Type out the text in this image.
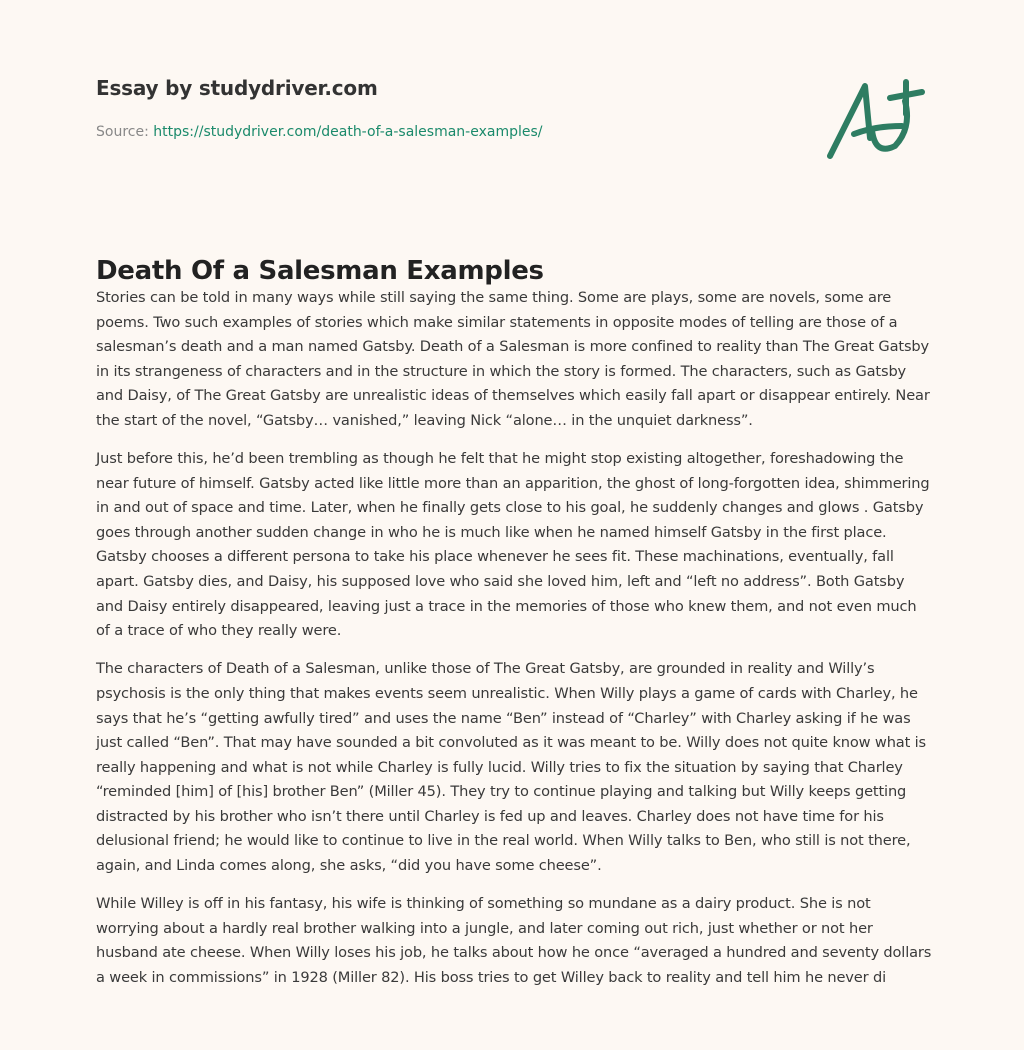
Essay by studydriver.com
Source: https://studydriver.com/death-of-a-salesman-examples/
Death Of a Salesman Examples

Stories can be told in many ways while still saying the same thing. Some are plays, some are novels, some are poems. Two such examples of stories which make similar statements in opposite modes of telling are those of a salesman’s death and a man named Gatsby. Death of a Salesman is more confined to reality than The Great Gatsby in its strangeness of characters and in the structure in which the story is formed. The characters, such as Gatsby and Daisy, of The Great Gatsby are unrealistic ideas of themselves which easily fall apart or disappear entirely. Near the start of the novel, “Gatsby… vanished,” leaving Nick “alone… in the unquiet darkness”.

Just before this, he’d been trembling as though he felt that he might stop existing altogether, foreshadowing the near future of himself. Gatsby acted like little more than an apparition, the ghost of long-forgotten idea, shimmering in and out of space and time. Later, when he finally gets close to his goal, he suddenly changes and glows . Gatsby goes through another sudden change in who he is much like when he named himself Gatsby in the first place. Gatsby chooses a different persona to take his place whenever he sees fit. These machinations, eventually, fall apart. Gatsby dies, and Daisy, his supposed love who said she loved him, left and “left no address”. Both Gatsby and Daisy entirely disappeared, leaving just a trace in the memories of those who knew them, and not even much of a trace of who they really were.

The characters of Death of a Salesman, unlike those of The Great Gatsby, are grounded in reality and Willy’s psychosis is the only thing that makes events seem unrealistic. When Willy plays a game of cards with Charley, he says that he’s “getting awfully tired” and uses the name “Ben” instead of “Charley” with Charley asking if he was just called “Ben”. That may have sounded a bit convoluted as it was meant to be. Willy does not quite know what is really happening and what is not while Charley is fully lucid. Willy tries to fix the situation by saying that Charley “reminded [him] of [his] brother Ben” (Miller 45). They try to continue playing and talking but Willy keeps getting distracted by his brother who isn’t there until Charley is fed up and leaves. Charley does not have time for his delusional friend; he would like to continue to live in the real world. When Willy talks to Ben, who still is not there, again, and Linda comes along, she asks, “did you have some cheese”.

While Willey is off in his fantasy, his wife is thinking of something so mundane as a dairy product. She is not worrying about a hardly real brother walking into a jungle, and later coming out rich, just whether or not her husband ate cheese. When Willy loses his job, he talks about how he once “averaged a hundred and seventy dollars a week in commissions” in 1928 (Miller 82). His boss tries to get Willey back to reality and tell him he never di
